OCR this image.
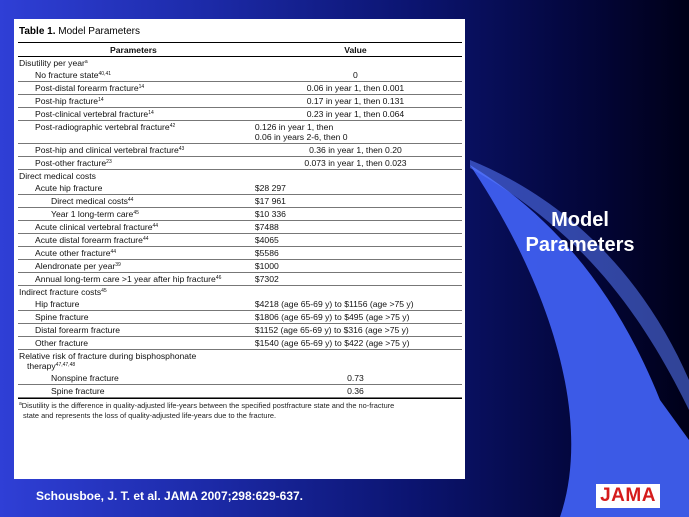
Table 1. Model Parameters
Parameters	Value
Disutility per year$^a$
No fracture state$^{40,41}$	0
Post-distal forearm fracture$^{14}$	0.06 in year 1, then 0.001
Post-hip fracture$^{14}$	0.17 in year 1, then 0.131
Post-clinical vertebral fracture$^{14}$	0.23 in year 1, then 0.064
Post-radiographic vertebral fracture$^{42}$	0.126 in year 1, then
0.06 in years 2-6, then 0

Post-hip and clinical vertebral fracture$^{43}$	0.36 in year 1, then 0.20
Post-other fracture$^{23}$	0.073 in year 1, then 0.023
Direct medical costs	
Acute hip fracture	$28 297
Direct medical costs$^{44}$	$17 961
Year 1 long-term care$^{45}$	$10 336
Acute clinical vertebral fracture$^{44}$	$7488
Acute distal forearm fracture$^{44}$	$4065
Acute other fracture$^{44}$	$5586
Alendronate per year$^{39}$	$1000
Annual long-term care >1 year after hip fracture$^{46}$	$7302
Indirect fracture costs$^{45}$
Hip fracture	$4218 (age 65-69 y) to $1156 (age >75 y)
Spine fracture	$1806 (age 65-69 y) to $495 (age >75 y)
Distal forearm fracture	$1152 (age 65-69 y) to $316 (age >75 y)
Other fracture	$1540 (age 65-69 y) to $422 (age >75 y)

Relative risk of fracture during bisphosphonate
therapy$^{47,47,48}$

Nonspine fracture	0.73
Spine fracture	0.36
$^a$Disutility is the difference in quality-adjusted life-years between the specified postfracture state and the no-fracture
state and represents the loss of quality-adjusted life-years due to the fracture.
Model
Parameters
Schousboe, J. T. et al. JAMA 2007;298:629-637.	JAMA
